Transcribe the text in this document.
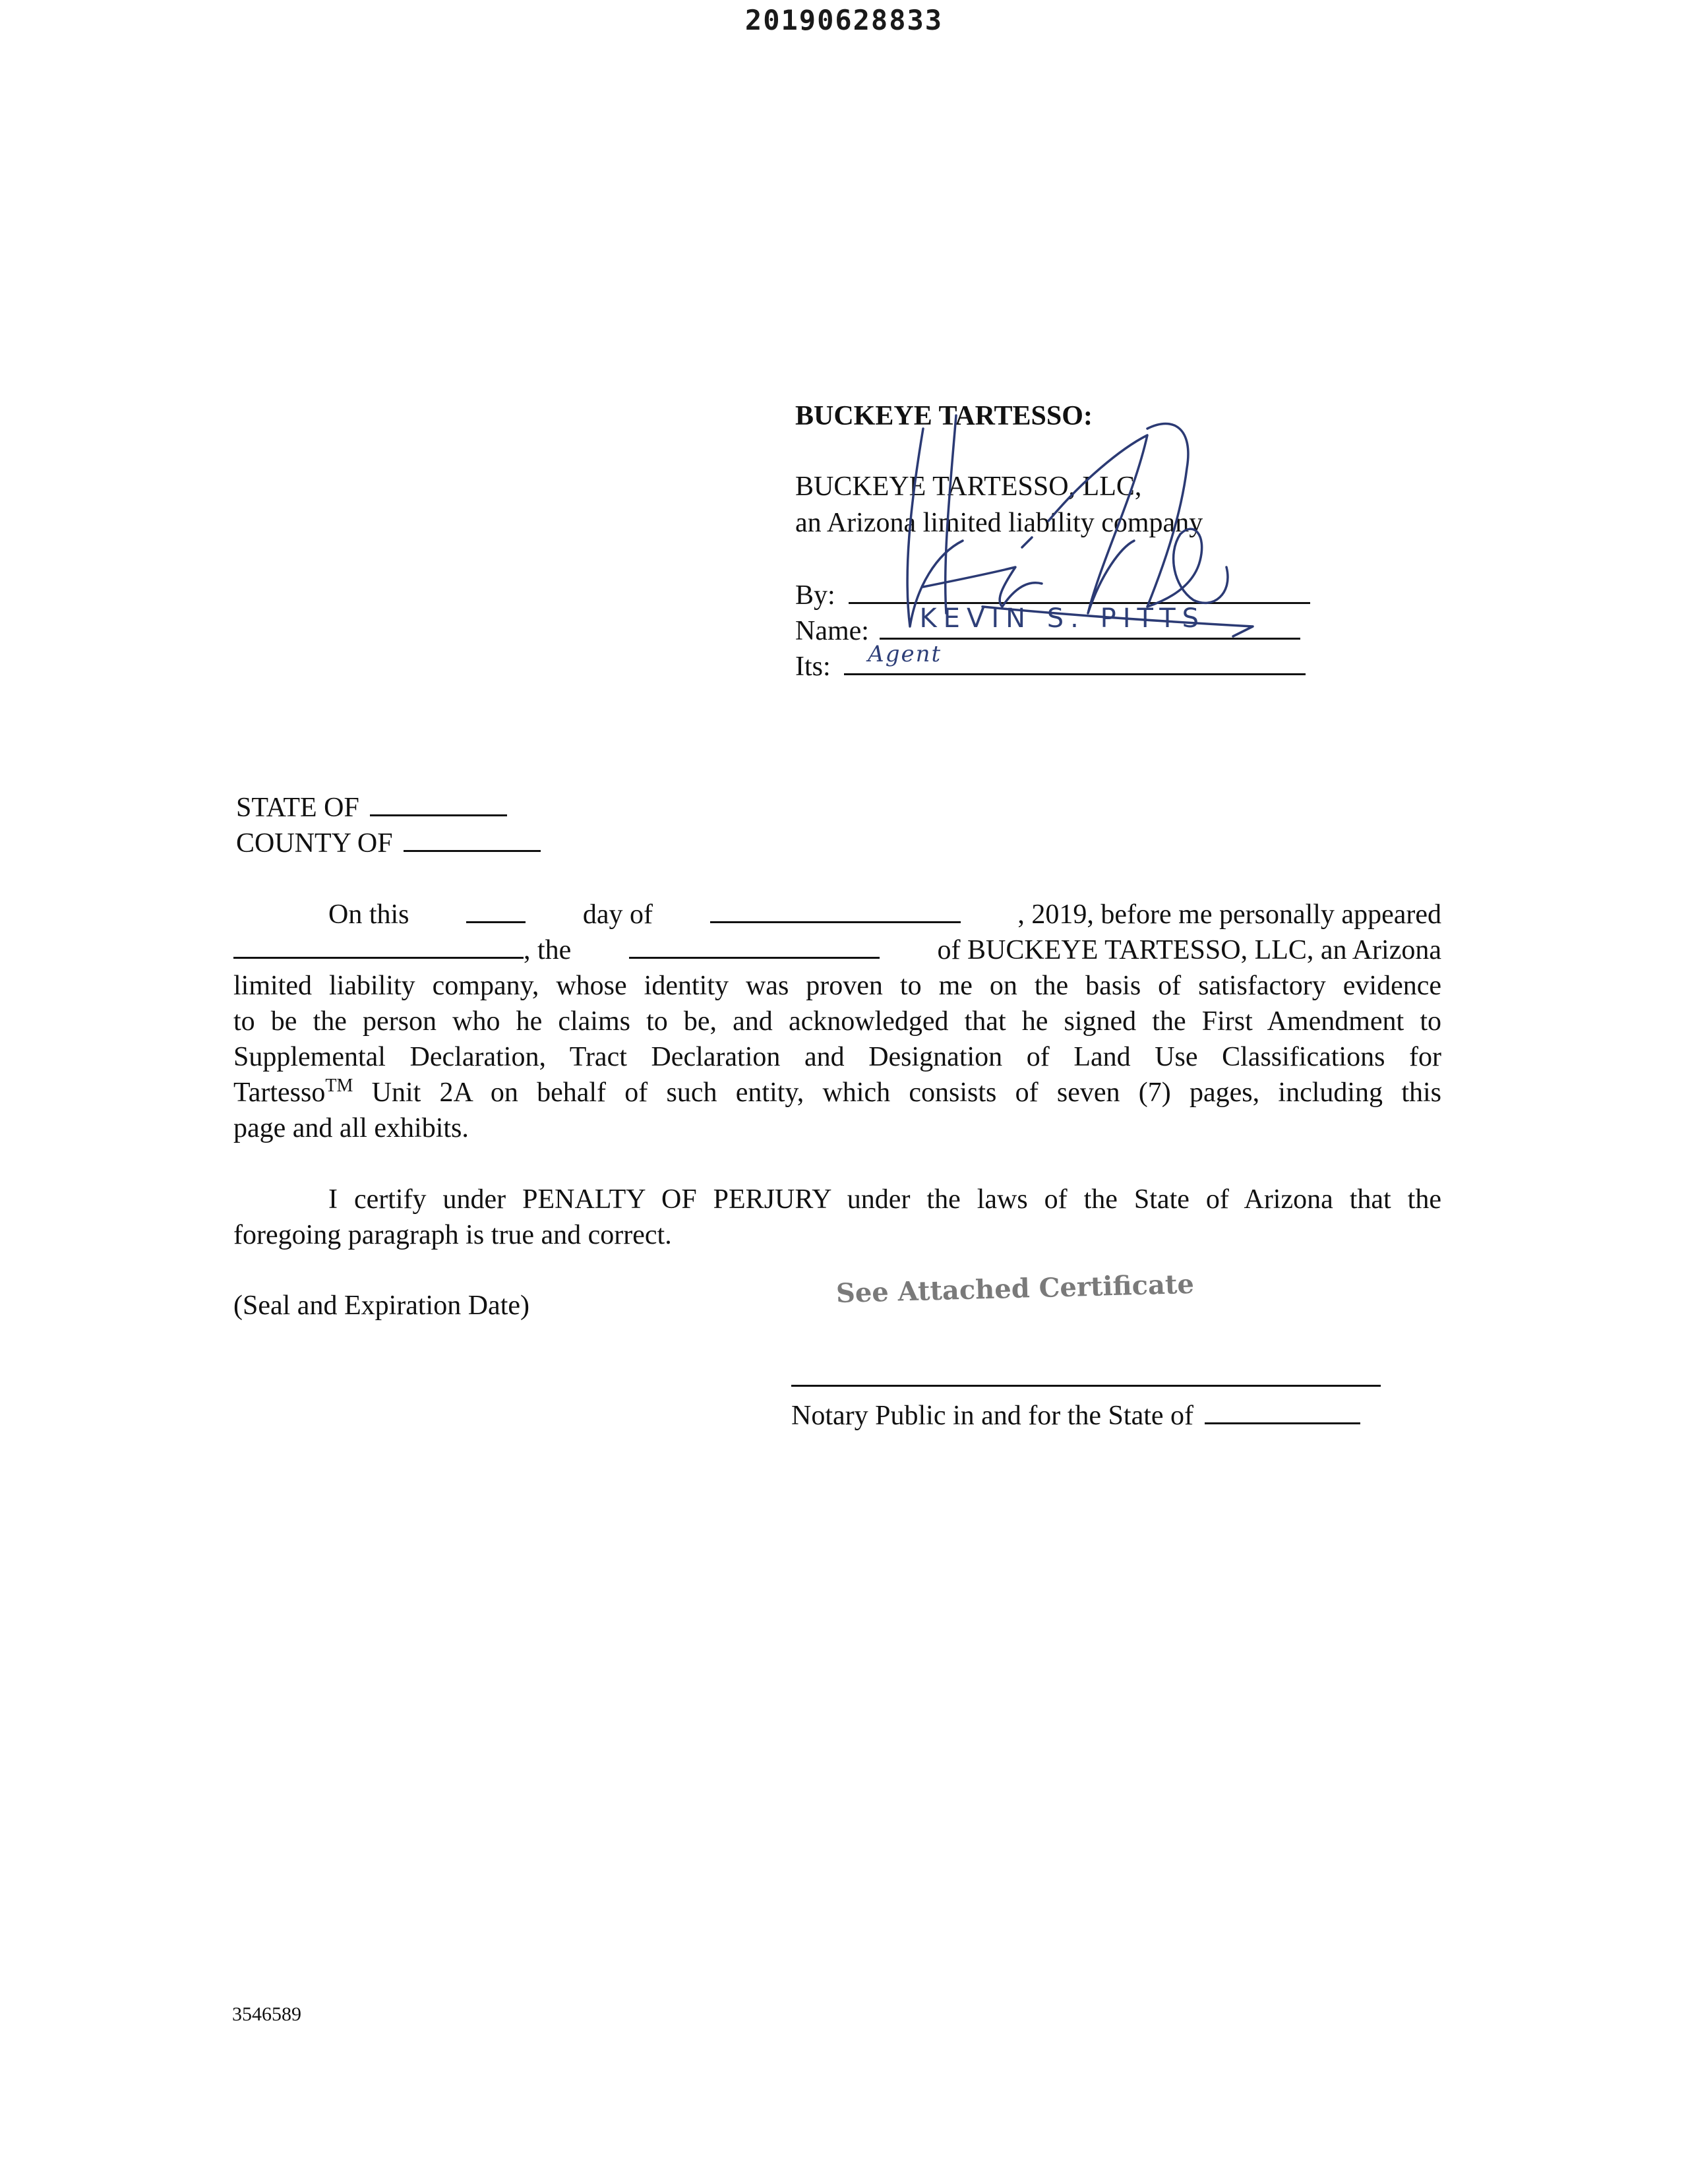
20190628833
BUCKEYE TARTESSO:
BUCKEYE TARTESSO, LLC,
an Arizona limited liability company
By:
Name: KEVIN S. PITTS
Its: Agent
STATE OF
COUNTY OF
On this	day of	, 2019, before me personally appeared
, the	of BUCKEYE TARTESSO, LLC, an Arizona

limited liability company, whose identity was proven to me on the basis of satisfactory evidence

to be the person who he claims to be, and acknowledged that he signed the First Amendment to

Supplemental Declaration, Tract Declaration and Designation of Land Use Classifications for

Tartesso™ Unit 2A on behalf of such entity, which consists of seven (7) pages, including this

page and all exhibits.

I certify under PENALTY OF PERJURY under the laws of the State of Arizona that the

foregoing paragraph is true and correct.

(Seal and Expiration Date)	See Attached Certificate
Notary Public in and for the State of
3546589
